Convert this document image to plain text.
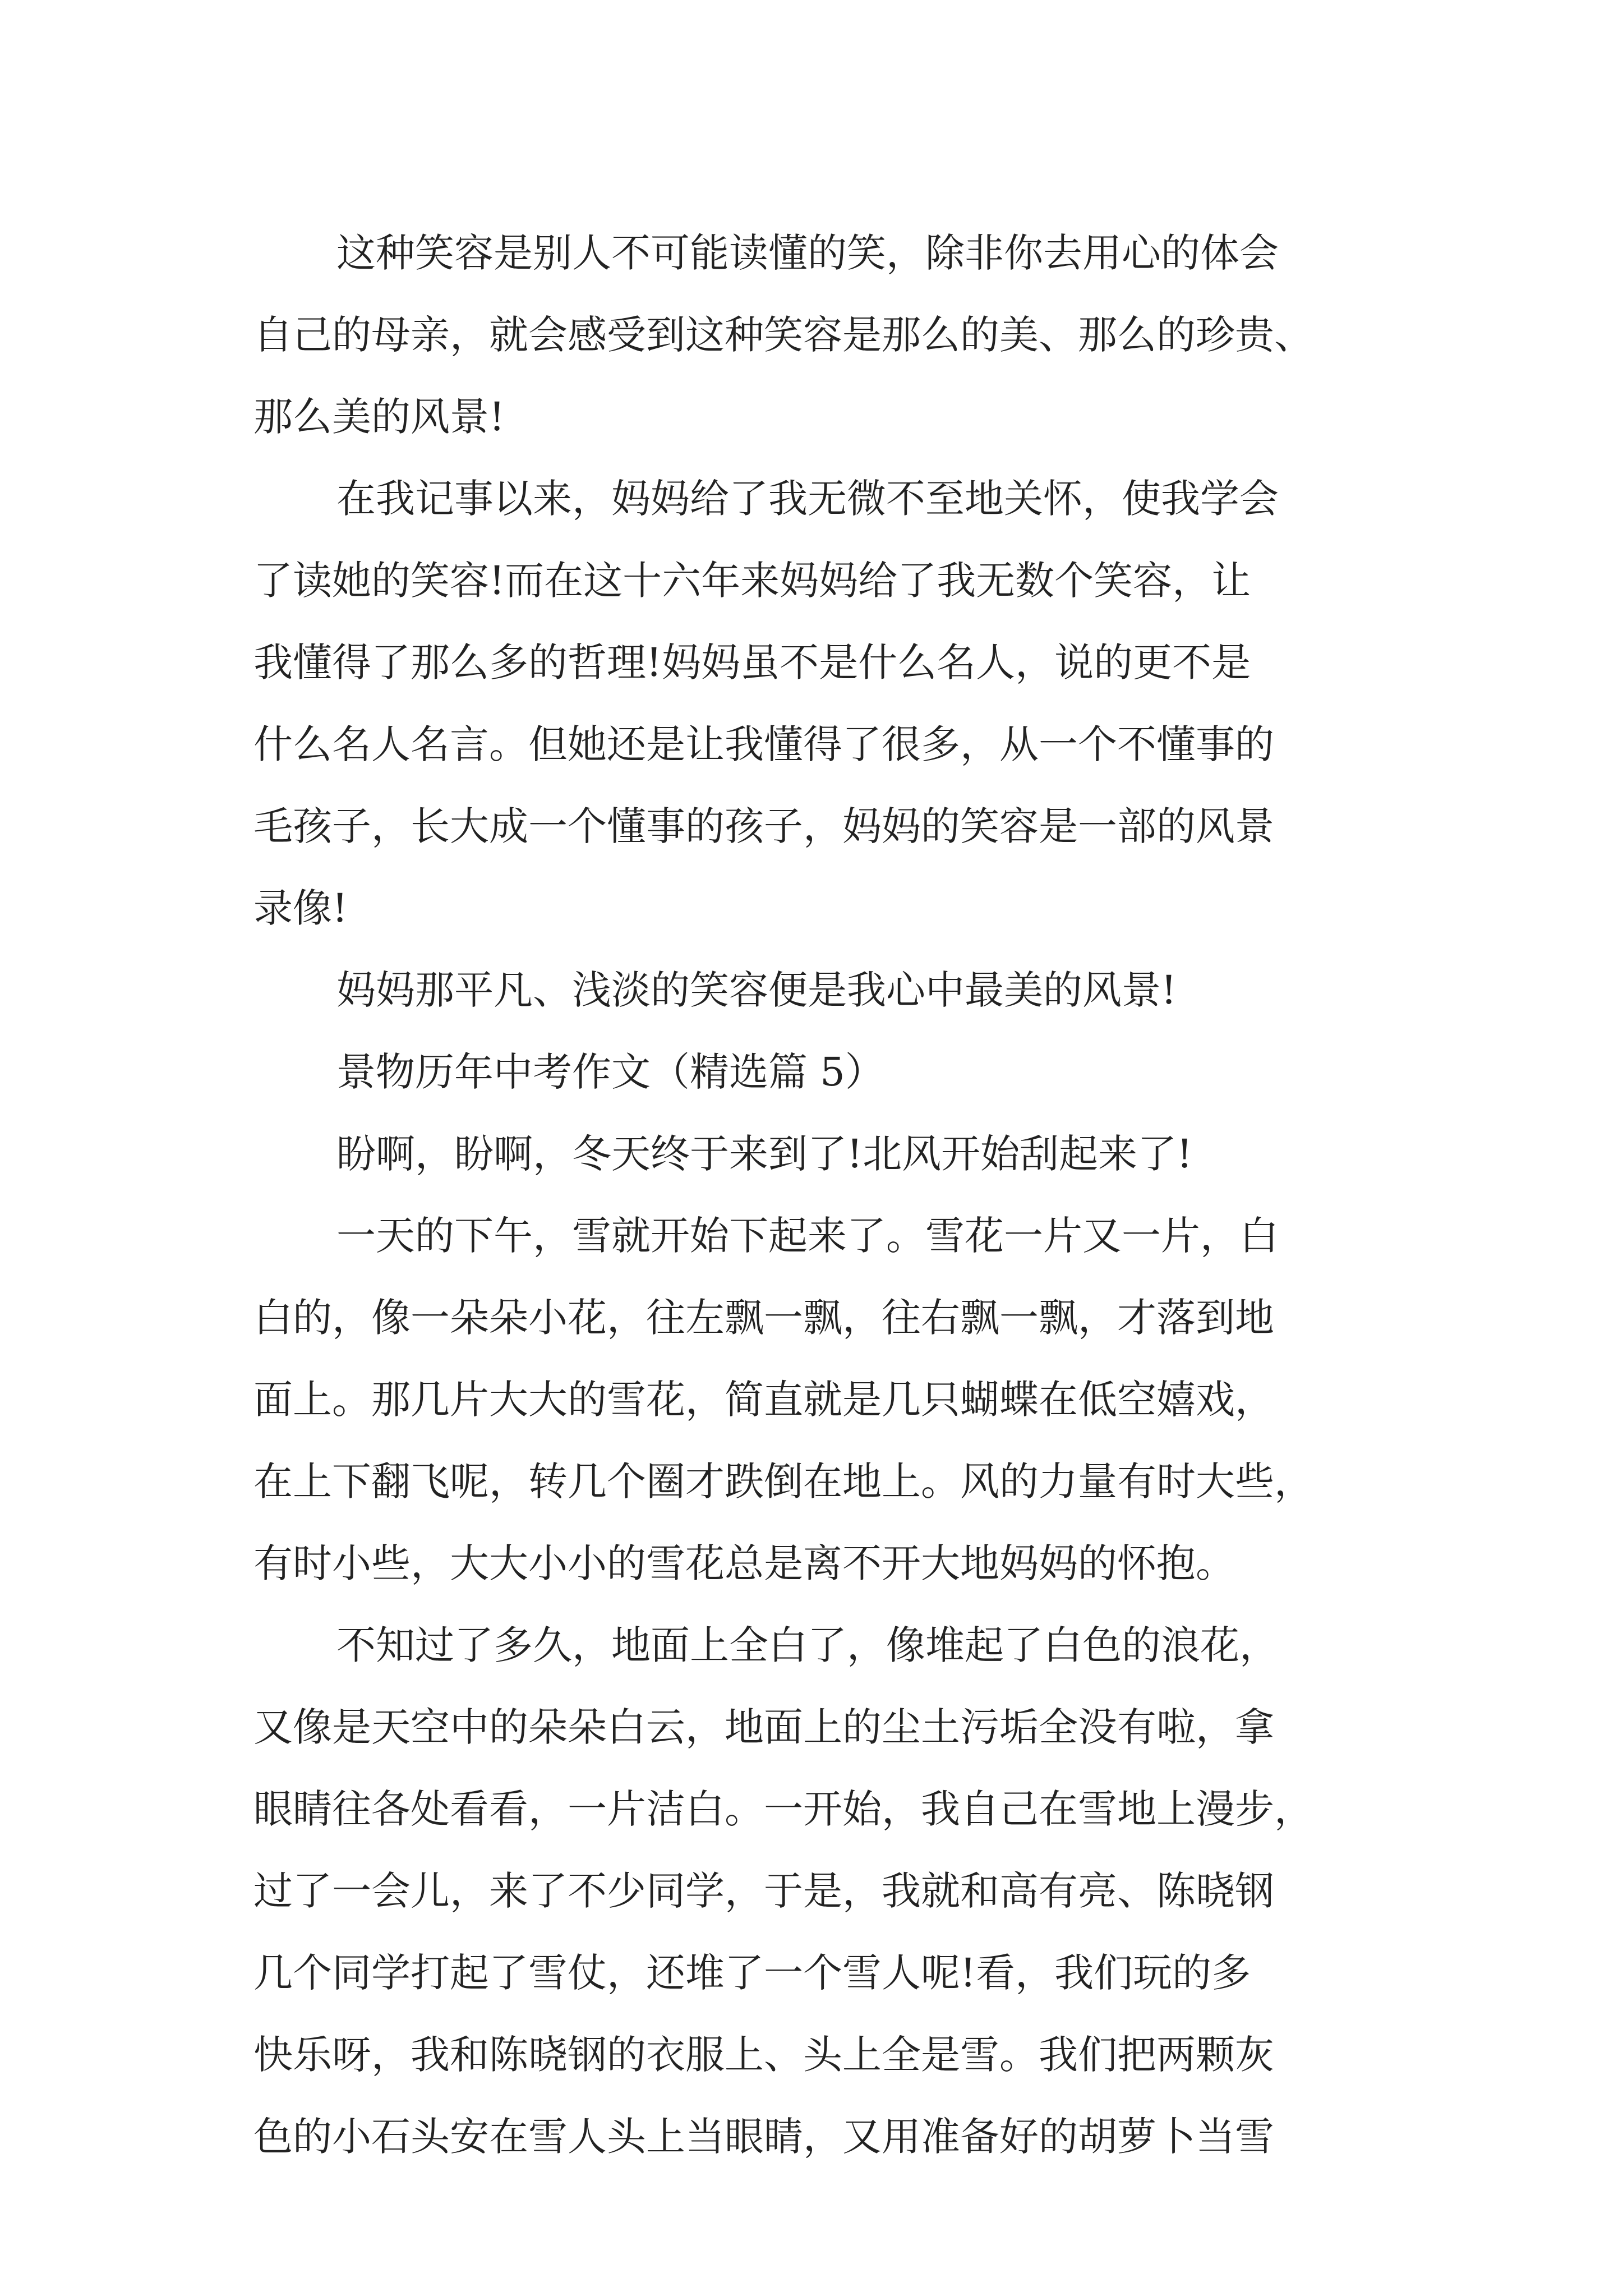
这种笑容是别人不可能读懂的笑，除非你去用心的体会
自己的母亲，就会感受到这种笑容是那么的美、那么的珍贵、
那么美的风景!
在我记事以来，妈妈给了我无微不至地关怀，使我学会
了读她的笑容!而在这十六年来妈妈给了我无数个笑容，让
我懂得了那么多的哲理!妈妈虽不是什么名人，说的更不是
什么名人名言。但她还是让我懂得了很多，从一个不懂事的
毛孩子，长大成一个懂事的孩子，妈妈的笑容是一部的风景
录像!
妈妈那平凡、浅淡的笑容便是我心中最美的风景!
景物历年中考作文（精选篇 5）
盼啊，盼啊，冬天终于来到了!北风开始刮起来了!
一天的下午，雪就开始下起来了。雪花一片又一片，白
白的，像一朵朵小花，往左飘一飘，往右飘一飘，才落到地
面上。那几片大大的雪花，简直就是几只蝴蝶在低空嬉戏，
在上下翻飞呢，转几个圈才跌倒在地上。风的力量有时大些，
有时小些，大大小小的雪花总是离不开大地妈妈的怀抱。
不知过了多久，地面上全白了，像堆起了白色的浪花，
又像是天空中的朵朵白云，地面上的尘土污垢全没有啦，拿
眼睛往各处看看，一片洁白。一开始，我自己在雪地上漫步，
过了一会儿，来了不少同学，于是，我就和高有亮、陈晓钢
几个同学打起了雪仗，还堆了一个雪人呢!看，我们玩的多
快乐呀，我和陈晓钢的衣服上、头上全是雪。我们把两颗灰
色的小石头安在雪人头上当眼睛，又用准备好的胡萝卜当雪
